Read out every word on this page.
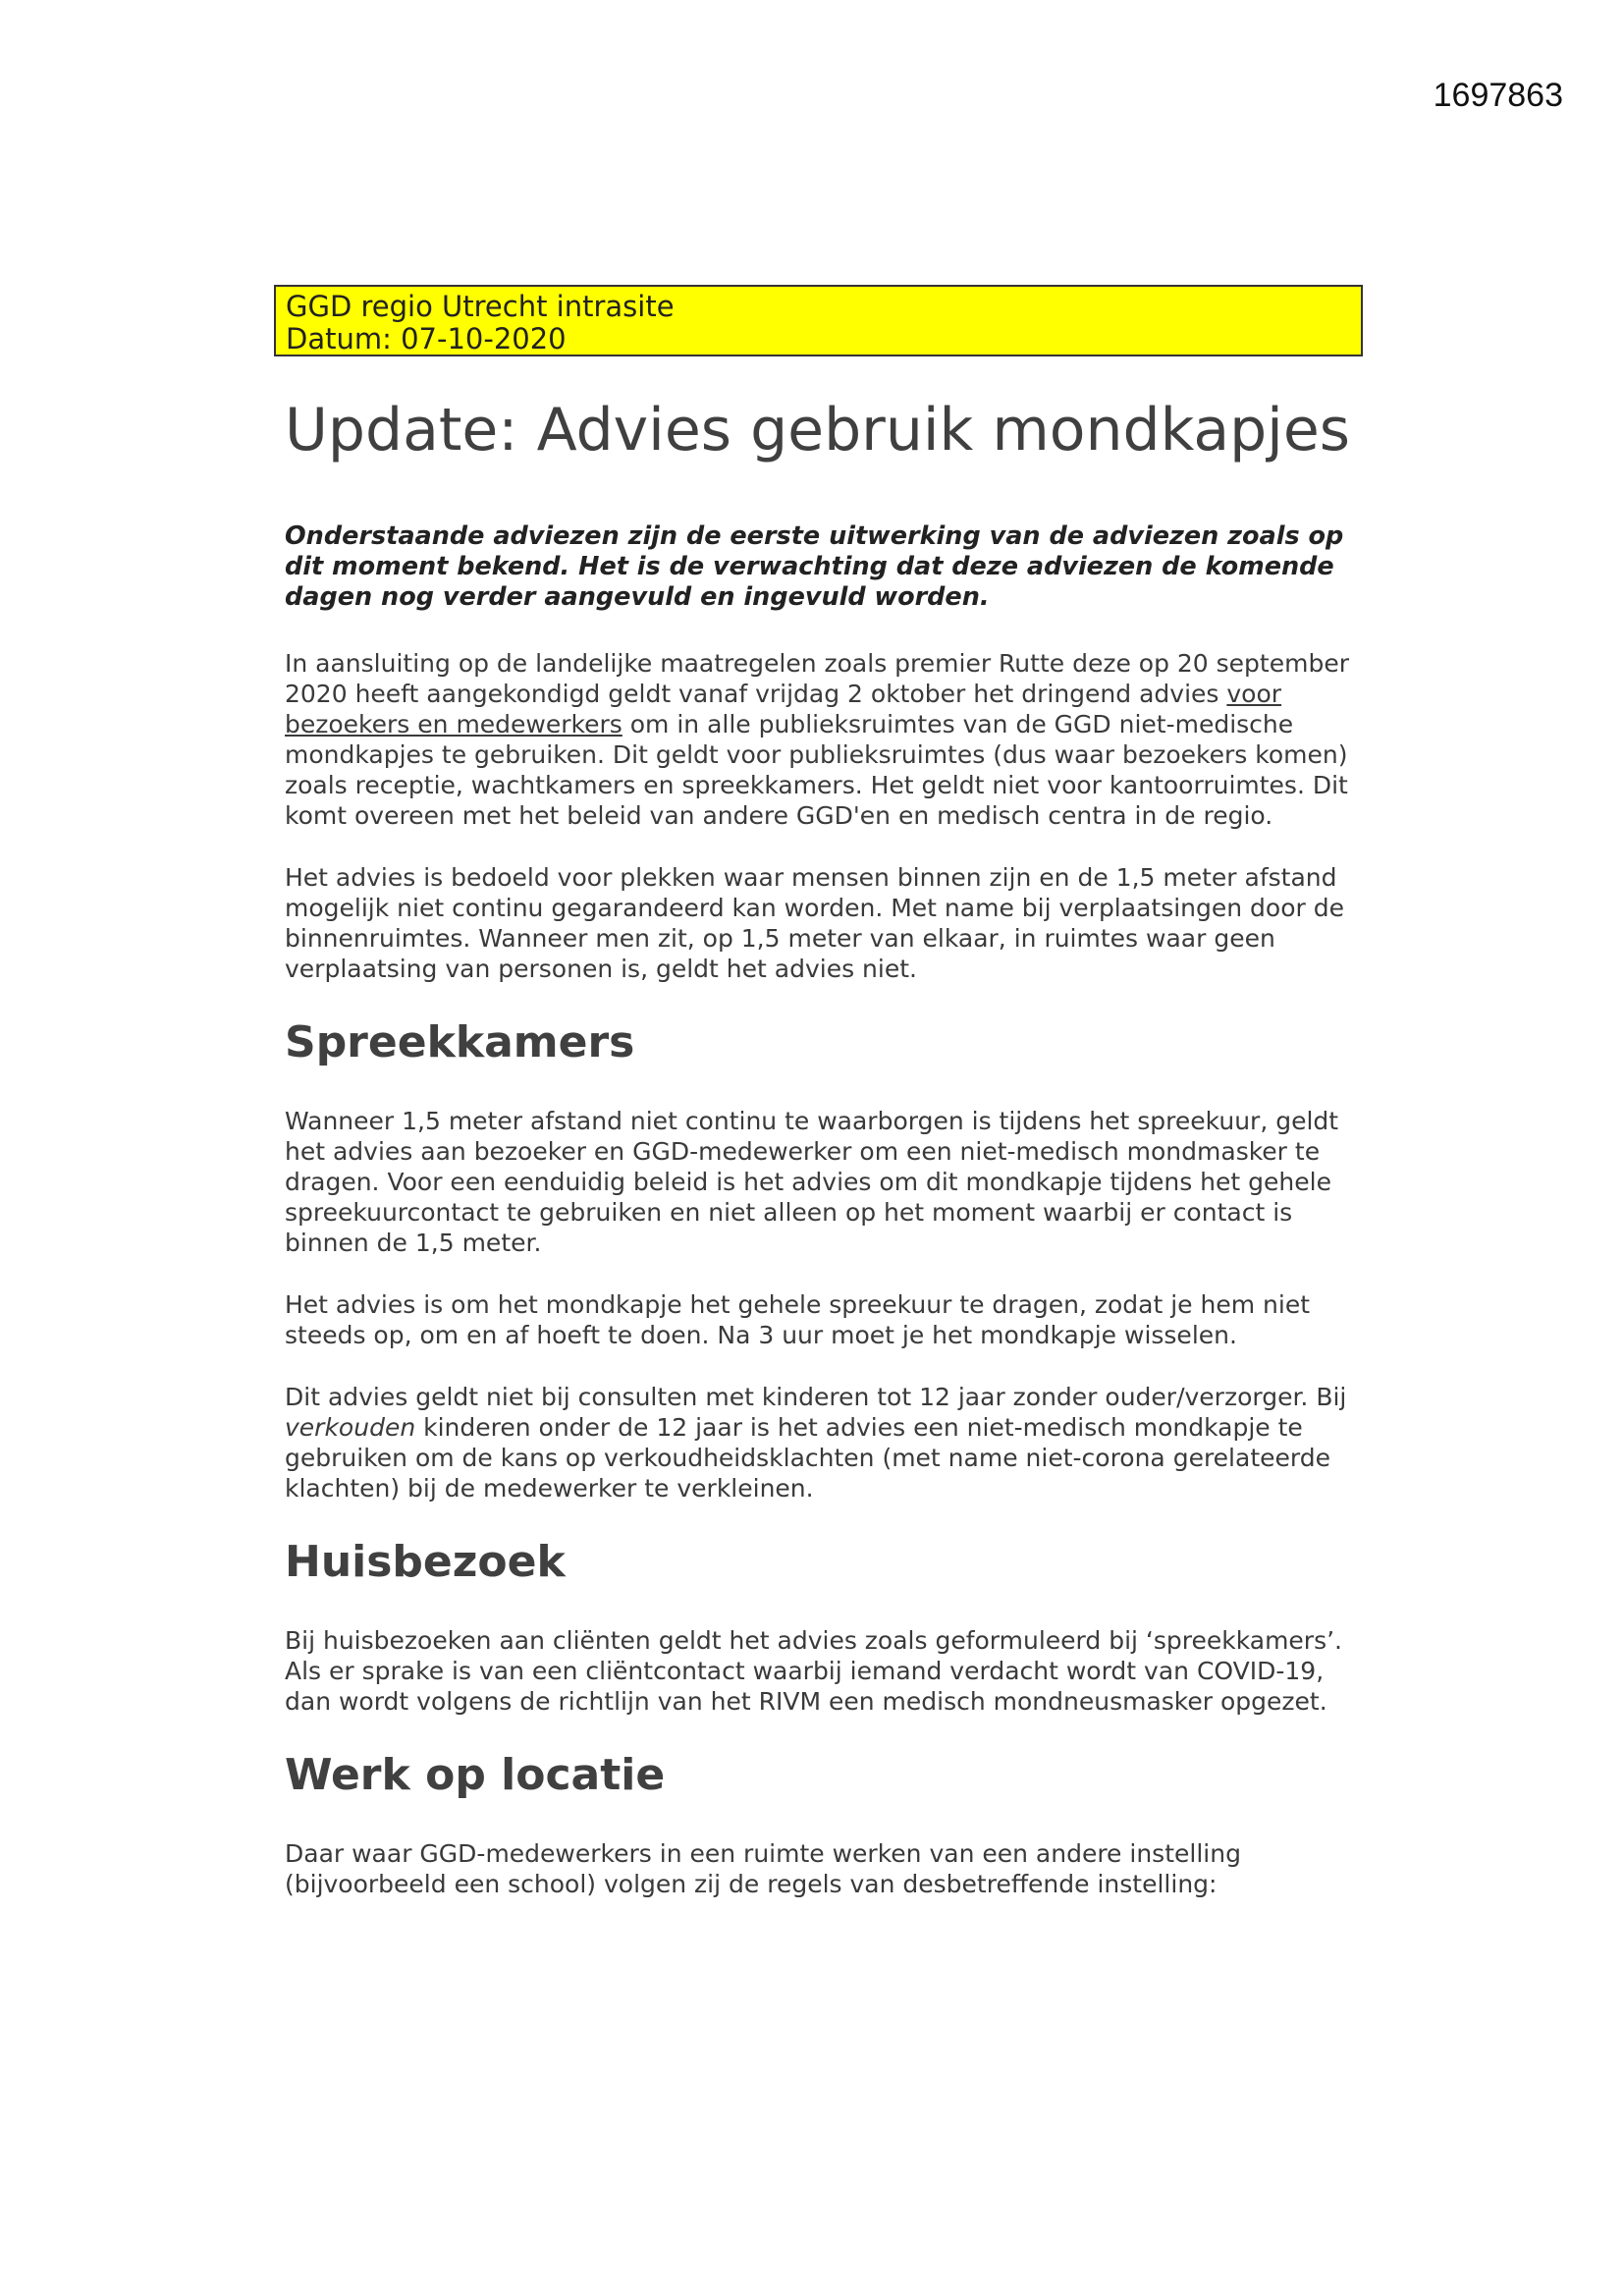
1697863
GGD regio Utrecht intrasite
Datum: 07-10-2020
Update: Advies gebruik mondkapjes

Onderstaande adviezen zijn de eerste uitwerking van de adviezen zoals op dit moment bekend. Het is de verwachting dat deze adviezen de komende dagen nog verder aangevuld en ingevuld worden.

In aansluiting op de landelijke maatregelen zoals premier Rutte deze op 20 september 2020 heeft aangekondigd geldt vanaf vrijdag 2 oktober het dringend advies voor bezoekers en medewerkers om in alle publieksruimtes van de GGD niet-medische mondkapjes te gebruiken. Dit geldt voor publieksruimtes (dus waar bezoekers komen) zoals receptie, wachtkamers en spreekkamers. Het geldt niet voor kantoorruimtes. Dit komt overeen met het beleid van andere GGD'en en medisch centra in de regio.

Het advies is bedoeld voor plekken waar mensen binnen zijn en de 1,5 meter afstand mogelijk niet continu gegarandeerd kan worden. Met name bij verplaatsingen door de binnenruimtes. Wanneer men zit, op 1,5 meter van elkaar, in ruimtes waar geen verplaatsing van personen is, geldt het advies niet.

Spreekkamers

Wanneer 1,5 meter afstand niet continu te waarborgen is tijdens het spreekuur, geldt het advies aan bezoeker en GGD-medewerker om een niet-medisch mondmasker te dragen. Voor een eenduidig beleid is het advies om dit mondkapje tijdens het gehele spreekuurcontact te gebruiken en niet alleen op het moment waarbij er contact is binnen de 1,5 meter.

Het advies is om het mondkapje het gehele spreekuur te dragen, zodat je hem niet steeds op, om en af hoeft te doen. Na 3 uur moet je het mondkapje wisselen.

Dit advies geldt niet bij consulten met kinderen tot 12 jaar zonder ouder/verzorger. Bij verkouden kinderen onder de 12 jaar is het advies een niet-medisch mondkapje te gebruiken om de kans op verkoudheidsklachten (met name niet-corona gerelateerde klachten) bij de medewerker te verkleinen.

Huisbezoek

Bij huisbezoeken aan cliënten geldt het advies zoals geformuleerd bij ‘spreekkamers’. Als er sprake is van een cliëntcontact waarbij iemand verdacht wordt van COVID-19, dan wordt volgens de richtlijn van het RIVM een medisch mondneusmasker opgezet.

Werk op locatie

Daar waar GGD-medewerkers in een ruimte werken van een andere instelling (bijvoorbeeld een school) volgen zij de regels van desbetreffende instelling:
